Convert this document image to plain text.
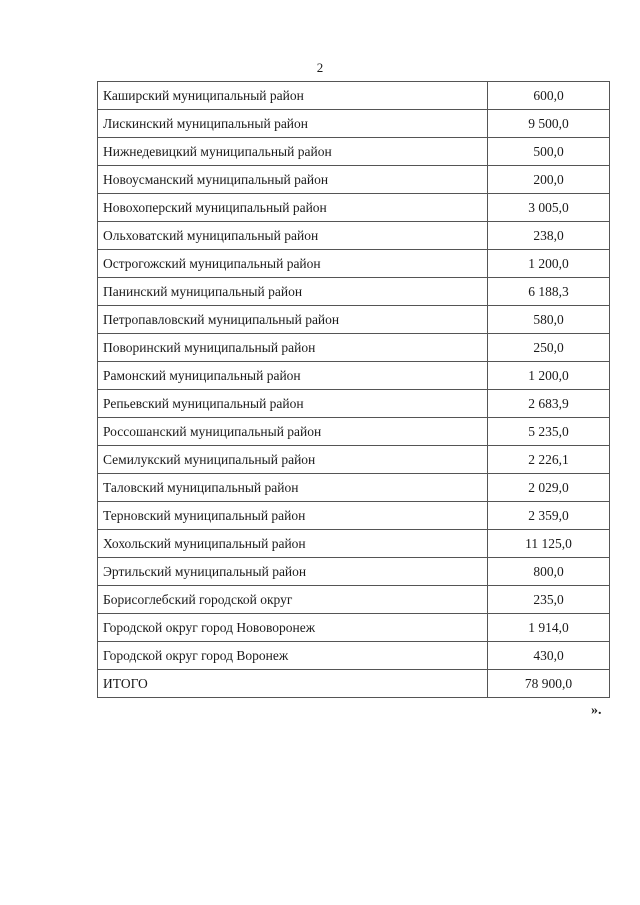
2
Каширский муниципальный район	600,0
Лискинский муниципальный район	9 500,0
Нижнедевицкий муниципальный район	500,0
Новоусманский муниципальный район	200,0
Новохоперский муниципальный район	3 005,0
Ольховатский муниципальный район	238,0
Острогожский муниципальный район	1 200,0
Панинский муниципальный район	6 188,3
Петропавловский муниципальный район	580,0
Поворинский муниципальный район	250,0
Рамонский муниципальный район	1 200,0
Репьевский муниципальный район	2 683,9
Россошанский муниципальный район	5 235,0
Семилукский муниципальный район	2 226,1
Таловский муниципальный район	2 029,0
Терновский муниципальный район	2 359,0
Хохольский муниципальный район	11 125,0
Эртильский муниципальный район	800,0
Борисоглебский городской округ	235,0
Городской округ город Нововоронеж	1 914,0
Городской округ город Воронеж	430,0
ИТОГО	78 900,0
».
